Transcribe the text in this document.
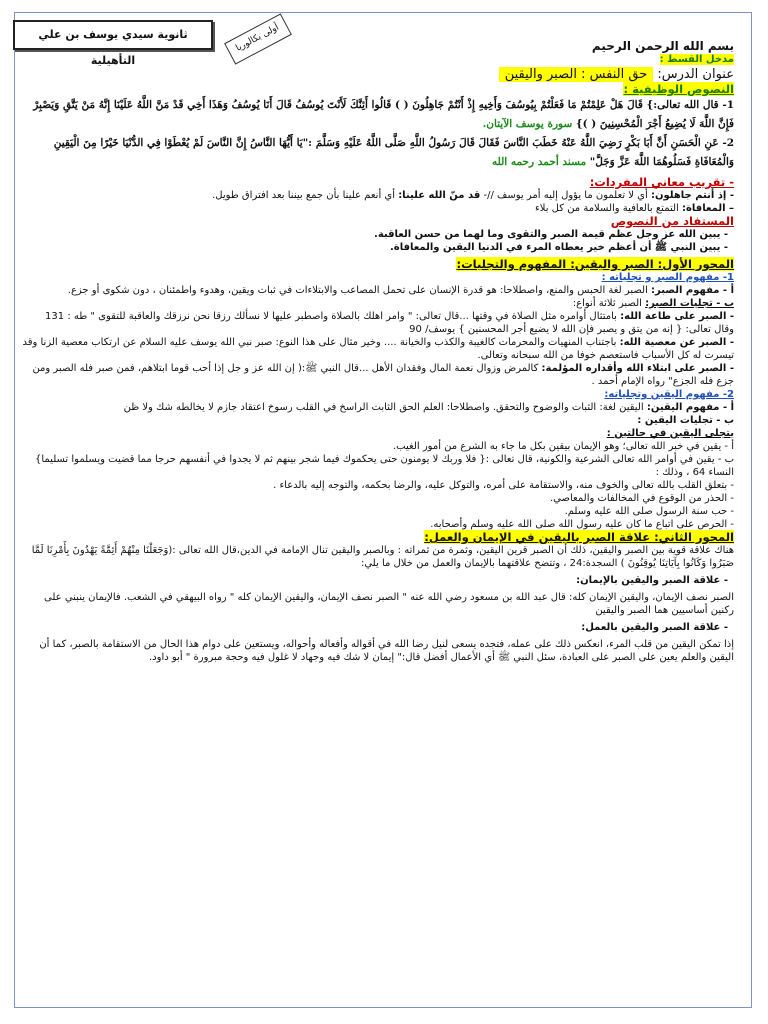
ثانوية سيدي يوسف بن علي التأهيلية
أولى بكالوريا	بسم الله الرحمن الرحيم

مدخل القسط :

عنوان الدرس: حق النفس : الصبر واليقين

النصوص الوظيفية :

1- قال الله تعالى:} قَالَ هَلْ عَلِمْتُمْ مَا فَعَلْتُمْ بِيُوسُفَ وَأَخِيهِ إِذْ أَنْتُمْ جَاهِلُونَ ( ) قَالُوا أَئِنَّكَ لَأَنْتَ يُوسُفُ قَالَ أَنَا يُوسُفُ وَهَذَا أَخِي قَدْ مَنَّ اللَّهُ عَلَيْنَا إِنَّهُ مَنْ يَتَّقِ وَيَصْبِرْ فَإِنَّ اللَّهَ لَا يُضِيعُ أَجْرَ الْمُحْسِنِينَ ( )} سورة يوسف الآيتان.

2- عَنِ الْحَسَنِ أَنَّ أَبَا بَكْرٍ رَضِيَ اللَّهُ عَنْهُ خَطَبَ النَّاسَ فَقَالَ قَالَ رَسُولُ اللَّهِ صَلَّى اللَّهُ عَلَيْهِ وَسَلَّمَ :"يَا أَيُّهَا النَّاسُ إِنَّ النَّاسَ لَمْ يُعْطَوْا فِي الدُّنْيَا خَيْرًا مِنَ الْيَقِينِ وَالْمُعَافَاةِ فَسَلُوهُمَا اللَّهَ عَزَّ وَجَلَّ" مسند أحمد رحمه الله

- تقريب معاني المفردات:

- إذ أنتم جاهلون: أي لا تعلمون ما يؤول إليه أمر يوسف //- قد منّ الله علينا: أي أنعم علينا بأن جمع بيننا بعد افتراق طويل.

– المعافاة: التمتع بالعافية والسلامة من كل بلاء

المستفاد من النصوص

- يبين الله عز وجل عظم قيمة الصبر والتقوى وما لهما من حسن العاقبة.

- يبين النبي ﷺ أن أعظم خير يعطاه المرء في الدنيا اليقين والمعافاة.

المحور الأول: الصبر واليقين: المفهوم والتجليات:

1- مفهوم الصبر و تجلياته :

أ - مفهوم الصبر: الصبر لغة الحبس والمنع، واصطلاحا: هو قدرة الإنسان على تحمل المصاعب والابتلاءات في ثبات ويقين، وهدوء واطمئنان ، دون شكوى أو جزع.

ب - تجليات الصبر: الصبر ثلاثة أنواع:

- الصبر على طاعة الله: بامتثال أوامره مثل الصلاة في وقتها ...قال تعالى: " وامر اهلك بالصلاة واصطبر عليها لا نسألك رزقا نحن نرزقك والعاقبة للتقوى " طه : 131 وقال تعالى: { إنه من يتق و يصبر فإن الله لا يضيع أجر المحسنين } يوسف/ 90

- الصبر عن معصية الله: باجتناب المنهيات والمحرمات كالغيبة والكذب والخيانة .... وخير مثال على هذا النوع: صبر نبي الله يوسف عليه السلام عن ارتكاب معصية الزنا وقد تيسرت له كل الأسباب فاستعصم خوفا من الله سبحانه وتعالى.

- الصبر على ابتلاء الله وأقداره المؤلمة: كالمرض وزوال نعمة المال وفقدان الأهل ...قال النبي ﷺ:( إن الله عز و جل إذا أحب قوما ابتلاهم، فمن صبر فله الصبر ومن جزع فله الجزع" رواه الإمام أحمد .

2- مفهوم اليقين وتجلياته:

أ - مفهوم اليقين: اليقين لغة: الثبات والوضوح والتحقق. واصطلاحا: العلم الحق الثابت الراسخ في القلب رسوخ اعتقاد جازم لا يخالطه شك ولا ظن

ب - تجليات اليقين :

يتجلى اليقين في حالتين :

أ - يقين في خبر الله تعالى؛ وهو الإيمان بيقين بكل ما جاء به الشرع من أمور الغيب.

ب - يقين في أوامر الله تعالى الشرعية والكونية، قال تعالى :{ فلا وربك لا يومنون حتى يحكموك فيما شجر بينهم ثم لا يجدوا في أنفسهم حرجا مما قضيت ويسلموا تسليما} النساء 64 ، وذلك :

- بتعلق القلب بالله تعالى والخوف منه، والاستقامة على أمره، والتوكل عليه، والرضا بحكمه، والتوجه إليه بالدعاء .

- الحذر من الوقوع في المخالفات والمعاصي.

- حب سنة الرسول صلى الله عليه وسلم.

- الحرص على اتباع ما كان عليه رسول الله صلى الله عليه وسلم وأصحابه.

المحور الثاني: علاقة الصبر باليقين في الإيمان والعمل:

هناك علاقة قوية بين الصبر واليقين، ذلك أن الصبر قرين اليقين، وثمرة من ثمراته : وبالصبر واليقين تنال الإمامة في الدين،قال الله تعالى :(وَجَعَلْنَا مِنْهُمْ أَئِمَّةً يَهْدُونَ بِأَمْرِنَا لَمَّا صَبَرُوا وَكَانُوا بِآيَاتِنَا يُوقِنُونَ ) السجدة:24 ، وتتضح علاقتهما بالإيمان والعمل من خلال ما يلي:

- علاقة الصبر واليقين بالإيمان:

الصبر نصف الإيمان، واليقين الإيمان كله: قال عبد الله بن مسعود رضي الله عنه " الصبر نصف الإيمان، واليقين الإيمان كله " رواه البيهقي في الشعب. فالإيمان ينبني على ركنين أساسيين هما الصبر واليقين

- علاقة الصبر واليقين بالعمل:

إذا تمكن اليقين من قلب المرء، انعكس ذلك على عمله، فتجده يسعى لنيل رضا الله في أقواله وأفعاله وأحواله، ويستعين على دوام هذا الحال من الاستقامة بالصبر، كما أن اليقين والعلم يعين على الصبر على العبادة، سئل النبي ﷺ أي الأعمال أفضل قال:" إيمان لا شك فيه وجهاد لا غلول فيه وحجة مبرورة " أبو داود.
